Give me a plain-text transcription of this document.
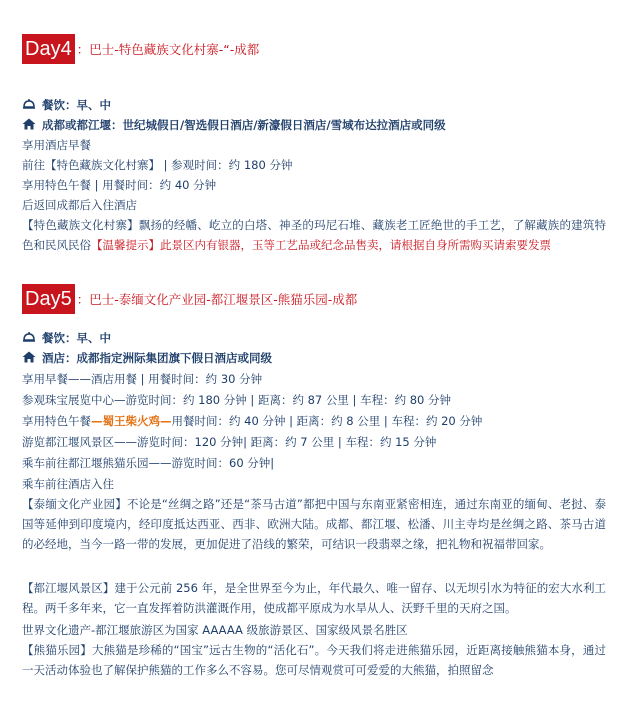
Day4 ：巴士-特色藏族文化村寨-“-成都
餐饮：早、中
成都或都江堰：世纪城假日/智选假日酒店/新濠假日酒店/雪域布达拉酒店或同级
享用酒店早餐
前往【特色藏族文化村寨】 | 参观时间：约 180 分钟
享用特色午餐 | 用餐时间：约 40 分钟
后返回成都后入住酒店
【特色藏族文化村寨】飘扬的经幡、屹立的白塔、神圣的玛尼石堆、藏族老工匠绝世的手工艺，了解藏族的建筑特色和民风民俗【温馨提示】此景区内有银器，玉等工艺品或纪念品售卖，请根据自身所需购买请索要发票
Day5 ：巴士-泰缅文化产业园-都江堰景区-熊猫乐园-成都
餐饮：早、中
酒店：成都指定洲际集团旗下假日酒店或同级
享用早餐——酒店用餐 | 用餐时间：约 30 分钟
参观珠宝展览中心—游览时间：约 180 分钟 | 距离：约 87 公里 | 车程：约 80 分钟
享用特色午餐—蜀王柴火鸡—用餐时间：约 40 分钟 | 距离：约 8 公里 | 车程：约 20 分钟
游览都江堰风景区——游览时间：120 分钟| 距离：约 7 公里 | 车程：约 15 分钟
乘车前往都江堰熊猫乐园——游览时间：60 分钟|
乘车前往酒店入住
【泰缅文化产业园】不论是“丝绸之路”还是“茶马古道”都把中国与东南亚紧密相连，通过东南亚的缅甸、老挝、泰国等延伸到印度境内，经印度抵达西亚、西非、欧洲大陆。成都、都江堰、松潘、川主寺均是丝绸之路、茶马古道的必经地，当今一路一带的发展，更加促进了沿线的繁荣，可结识一段翡翠之缘，把礼物和祝福带回家。
【都江堰风景区】建于公元前 256 年，是全世界至今为止，年代最久、唯一留存、以无坝引水为特征的宏大水利工程。两千多年来，它一直发挥着防洪灌溉作用，使成都平原成为水旱从人、沃野千里的天府之国。
世界文化遗产-都江堰旅游区为国家 AAAAA 级旅游景区、国家级风景名胜区
【熊猫乐园】大熊猫是珍稀的“国宝”远古生物的“活化石”。今天我们将走进熊猫乐园，近距离接触熊猫本身，通过一天活动体验也了解保护熊猫的工作多么不容易。您可尽情观赏可可爱爱的大熊猫，拍照留念
